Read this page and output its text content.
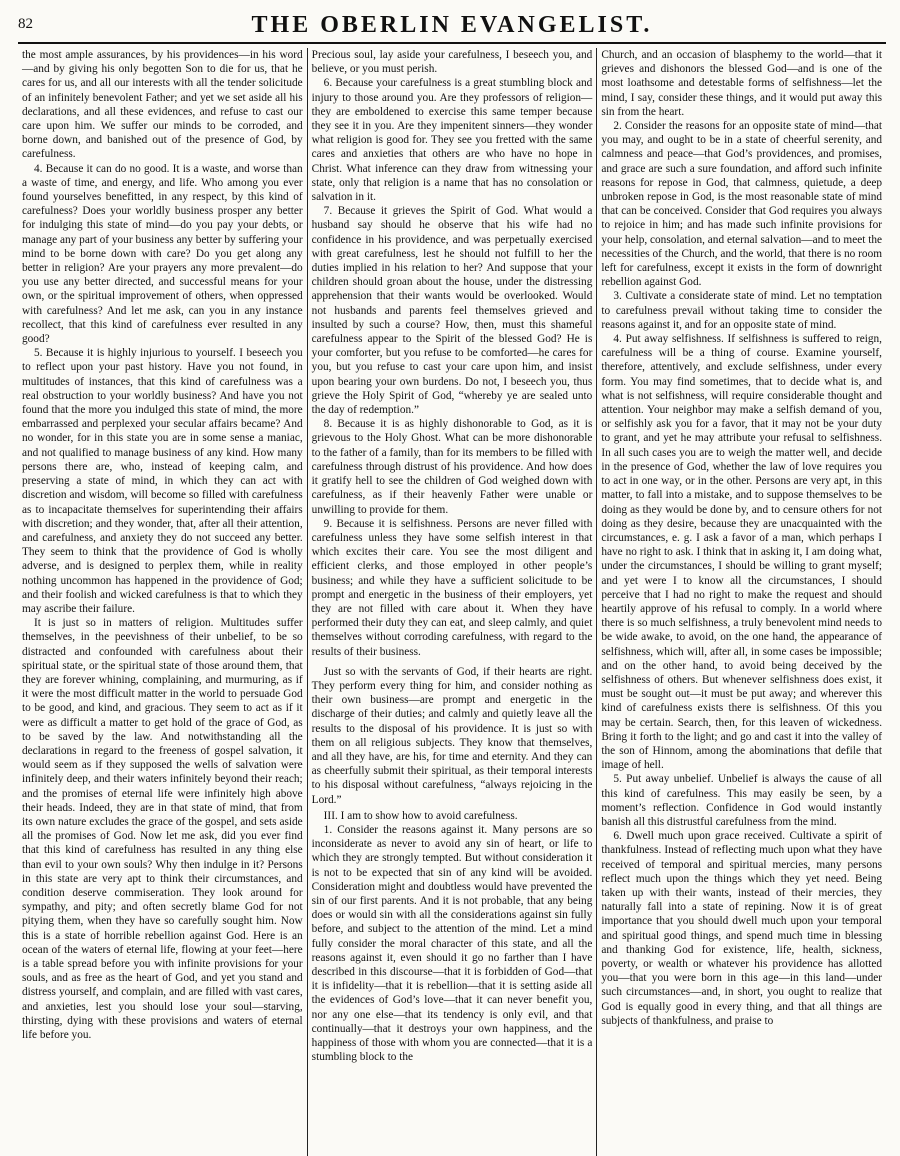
82	THE OBERLIN EVANGELIST.

the most ample assurances, by his providences—in his word—and by giving his only begotten Son to die for us, that he cares for us, and all our interests with all the tender solicitude of an infinitely benevolent Father; and yet we set aside all his declarations, and all these evidences, and refuse to cast our care upon him. We suffer our minds to be corroded, and borne down, and banished out of the presence of God, by carefulness.

4. Because it can do no good. It is a waste, and worse than a waste of time, and energy, and life. Who among you ever found yourselves benefitted, in any respect, by this kind of carefulness? Does your worldly business prosper any better for indulging this state of mind—do you pay your debts, or manage any part of your business any better by suffering your mind to be borne down with care? Do you get along any better in religion? Are your prayers any more prevalent—do you use any better directed, and successful means for your own, or the spiritual improvement of others, when oppressed with carefulness? And let me ask, can you in any instance recollect, that this kind of carefulness ever resulted in any good?

5. Because it is highly injurious to yourself. I beseech you to reflect upon your past history. Have you not found, in multitudes of instances, that this kind of carefulness was a real obstruction to your worldly business? And have you not found that the more you indulged this state of mind, the more embarrassed and perplexed your secular affairs became? And no wonder, for in this state you are in some sense a maniac, and not qualified to manage business of any kind. How many persons there are, who, instead of keeping calm, and preserving a state of mind, in which they can act with discretion and wisdom, will become so filled with carefulness as to incapacitate themselves for superintending their affairs with discretion; and they wonder, that, after all their attention, and carefulness, and anxiety they do not succeed any better. They seem to think that the providence of God is wholly adverse, and is designed to perplex them, while in reality nothing uncommon has happened in the providence of God; and their foolish and wicked carefulness is that to which they may ascribe their failure.

It is just so in matters of religion. Multitudes suffer themselves, in the peevishness of their unbelief, to be so distracted and confounded with carefulness about their spiritual state, or the spiritual state of those around them, that they are forever whining, complaining, and murmuring, as if it were the most difficult matter in the world to persuade God to be good, and kind, and gracious. They seem to act as if it were as difficult a matter to get hold of the grace of God, as to be saved by the law. And notwithstanding all the declarations in regard to the freeness of gospel salvation, it would seem as if they supposed the wells of salvation were infinitely deep, and their waters infinitely beyond their reach; and the promises of eternal life were infinitely high above their heads. Indeed, they are in that state of mind, that from its own nature excludes the grace of the gospel, and sets aside all the promises of God. Now let me ask, did you ever find that this kind of carefulness has resulted in any thing else than evil to your own souls? Why then indulge in it? Persons in this state are very apt to think their circumstances, and condition deserve commiseration. They look around for sympathy, and pity; and often secretly blame God for not pitying them, when they have so carefully sought him. Now this is a state of horrible rebellion against God. Here is an ocean of the waters of eternal life, flowing at your feet—here is a table spread before you with infinite provisions for your souls, and as free as the heart of God, and yet you stand and distress yourself, and complain, and are filled with vast cares, and anxieties, lest you should lose your soul—starving, thirsting, dying with these provisions and waters of eternal life before you.

Precious soul, lay aside your carefulness, I beseech you, and believe, or you must perish.

6. Because your carefulness is a great stumbling block and injury to those around you. Are they professors of religion—they are emboldened to exercise this same temper because they see it in you. Are they impenitent sinners—they wonder what religion is good for. They see you fretted with the same cares and anxieties that others are who have no hope in Christ. What inference can they draw from witnessing your state, only that religion is a name that has no consolation or salvation in it.

7. Because it grieves the Spirit of God. What would a husband say should he observe that his wife had no confidence in his providence, and was perpetually exercised with great carefulness, lest he should not fulfill to her the duties implied in his relation to her? And suppose that your children should groan about the house, under the distressing apprehension that their wants would be overlooked. Would not husbands and parents feel themselves grieved and insulted by such a course? How, then, must this shameful carefulness appear to the Spirit of the blessed God? He is your comforter, but you refuse to be comforted—he cares for you, but you refuse to cast your care upon him, and insist upon bearing your own burdens. Do not, I beseech you, thus grieve the Holy Spirit of God, “whereby ye are sealed unto the day of redemption.”

8. Because it is as highly dishonorable to God, as it is grievous to the Holy Ghost. What can be more dishonorable to the father of a family, than for its members to be filled with carefulness through distrust of his providence. And how does it gratify hell to see the children of God weighed down with carefulness, as if their heavenly Father were unable or unwilling to provide for them.

9. Because it is selfishness. Persons are never filled with carefulness unless they have some selfish interest in that which excites their care. You see the most diligent and efficient clerks, and those employed in other people’s business; and while they have a sufficient solicitude to be prompt and energetic in the business of their employers, yet they are not filled with care about it. When they have performed their duty they can eat, and sleep calmly, and quiet themselves without corroding carefulness, with regard to the results of their business.

Just so with the servants of God, if their hearts are right. They perform every thing for him, and consider nothing as their own business—are prompt and energetic in the discharge of their duties; and calmly and quietly leave all the results to the disposal of his providence. It is just so with them on all religious subjects. They know that themselves, and all they have, are his, for time and eternity. And they can as cheerfully submit their spiritual, as their temporal interests to his disposal without carefulness, “always rejoicing in the Lord.”

III. I am to show how to avoid carefulness.

1. Consider the reasons against it. Many persons are so inconsiderate as never to avoid any sin of heart, or life to which they are strongly tempted. But without consideration it is not to be expected that sin of any kind will be avoided. Consideration might and doubtless would have prevented the sin of our first parents. And it is not probable, that any being does or would sin with all the considerations against sin fully before, and subject to the attention of the mind. Let a mind fully consider the moral character of this state, and all the reasons against it, even should it go no farther than I have described in this discourse—that it is forbidden of God—that it is infidelity—that it is rebellion—that it is setting aside all the evidences of God’s love—that it can never benefit you, nor any one else—that its tendency is only evil, and that continually—that it destroys your own happiness, and the happiness of those with whom you are connected—that it is a stumbling block to the

Church, and an occasion of blasphemy to the world—that it grieves and dishonors the blessed God—and is one of the most loathsome and detestable forms of selfishness—let the mind, I say, consider these things, and it would put away this sin from the heart.

2. Consider the reasons for an opposite state of mind—that you may, and ought to be in a state of cheerful serenity, and calmness and peace—that God’s providences, and promises, and grace are such a sure foundation, and afford such infinite reasons for repose in God, that calmness, quietude, a deep unbroken repose in God, is the most reasonable state of mind that can be conceived. Consider that God requires you always to rejoice in him; and has made such infinite provisions for your help, consolation, and eternal salvation—and to meet the necessities of the Church, and the world, that there is no room left for carefulness, except it exists in the form of downright rebellion against God.

3. Cultivate a considerate state of mind. Let no temptation to carefulness prevail without taking time to consider the reasons against it, and for an opposite state of mind.

4. Put away selfishness. If selfishness is suffered to reign, carefulness will be a thing of course. Examine yourself, therefore, attentively, and exclude selfishness, under every form. You may find sometimes, that to decide what is, and what is not selfishness, will require considerable thought and attention. Your neighbor may make a selfish demand of you, or selfishly ask you for a favor, that it may not be your duty to grant, and yet he may attribute your refusal to selfishness. In all such cases you are to weigh the matter well, and decide in the presence of God, whether the law of love requires you to act in one way, or in the other. Persons are very apt, in this matter, to fall into a mistake, and to suppose themselves to be doing as they would be done by, and to censure others for not doing as they desire, because they are unacquainted with the circumstances, e. g. I ask a favor of a man, which perhaps I have no right to ask. I think that in asking it, I am doing what, under the circumstances, I should be willing to grant myself; and yet were I to know all the circumstances, I should perceive that I had no right to make the request and should heartily approve of his refusal to comply. In a world where there is so much selfishness, a truly benevolent mind needs to be wide awake, to avoid, on the one hand, the appearance of selfishness, which will, after all, in some cases be impossible; and on the other hand, to avoid being deceived by the selfishness of others. But whenever selfishness does exist, it must be sought out—it must be put away; and wherever this kind of carefulness exists there is selfishness. Of this you may be certain. Search, then, for this leaven of wickedness. Bring it forth to the light; and go and cast it into the valley of the son of Hinnom, among the abominations that defile that image of hell.

5. Put away unbelief. Unbelief is always the cause of all this kind of carefulness. This may easily be seen, by a moment’s reflection. Confidence in God would instantly banish all this distrustful carefulness from the mind.

6. Dwell much upon grace received. Cultivate a spirit of thankfulness. Instead of reflecting much upon what they have received of temporal and spiritual mercies, many persons reflect much upon the things which they yet need. Being taken up with their wants, instead of their mercies, they naturally fall into a state of repining. Now it is of great importance that you should dwell much upon your temporal and spiritual good things, and spend much time in blessing and thanking God for existence, life, health, sickness, poverty, or wealth or whatever his providence has allotted you—that you were born in this age—in this land—under such circumstances—and, in short, you ought to realize that God is equally good in every thing, and that all things are subjects of thankfulness, and praise to
